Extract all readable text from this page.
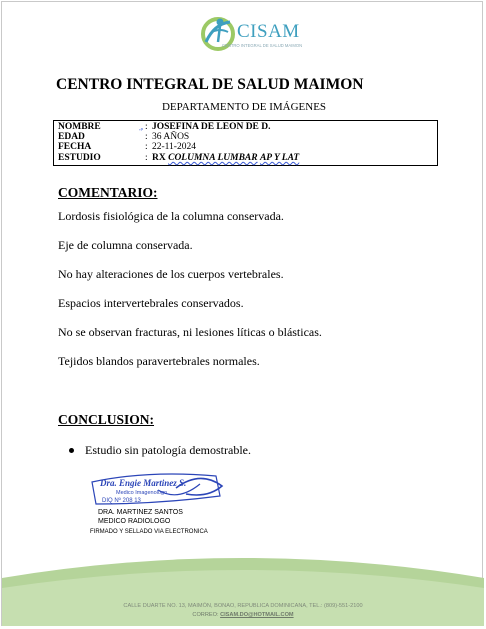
CISAM
CENTRO INTEGRAL DE SALUD MAIMON
CENTRO INTEGRAL DE SALUD MAIMON
DEPARTAMENTO DE IMÁGENES
ᵥₚ
NOMBRE	: JOSEFINA DE LEON DE D.
EDAD	: 36 AÑOS
FECHA	: 22-11-2024
ESTUDIO	: RX COLUMNA LUMBAR AP Y LAT
COMENTARIO:
Lordosis fisiológica de la columna conservada.
Eje de columna conservada.
No hay alteraciones de los cuerpos vertebrales.
Espacios intervertebrales conservados.
No se observan fracturas, ni lesiones líticas o blásticas.
Tejidos blandos paravertebrales normales.
CONCLUSION:
Estudio sin patología demostrable.
Dra. Engie Martinez S.
Medico Imagenologo
DIQ Nº 208 13
DRA. MARTINEZ SANTOS
MEDICO RADIOLOGO
FIRMADO Y SELLADO VIA ELECTRONICA
CALLE DUARTE NO. 13, MAIMÓN, BONAO, REPUBLICA DOMINICANA, TEL.: (809)-551-2100
CORREO: CISAM.DO@HOTMAIL.COM
